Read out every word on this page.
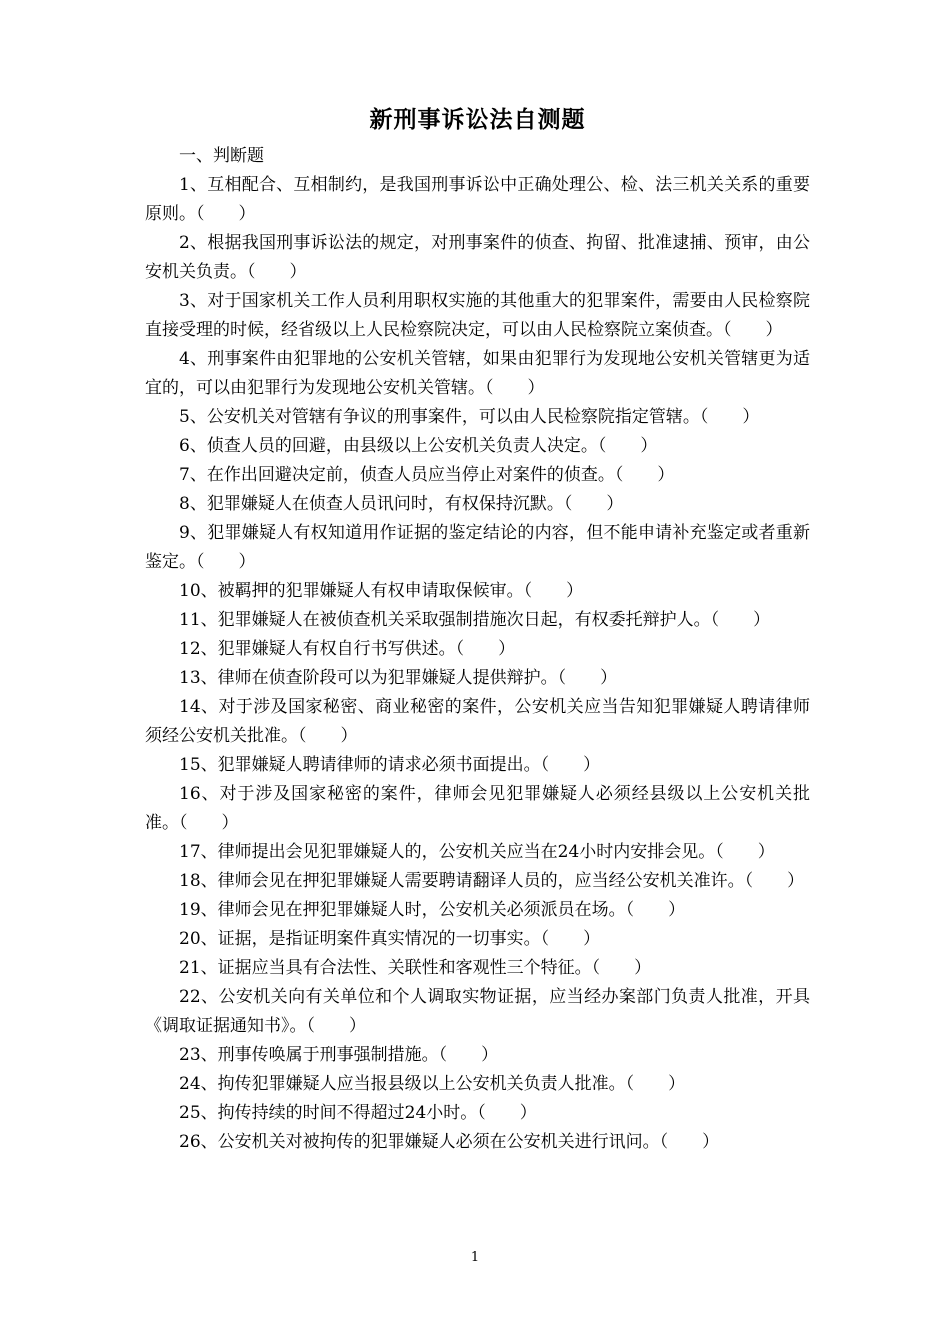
新刑事诉讼法自测题
一、判断题
1、互相配合、互相制约，是我国刑事诉讼中正确处理公、检、法三机关关系的重要原则。（　　）
2、根据我国刑事诉讼法的规定，对刑事案件的侦查、拘留、批准逮捕、预审，由公安机关负责。（　　）
3、对于国家机关工作人员利用职权实施的其他重大的犯罪案件，需要由人民检察院直接受理的时候，经省级以上人民检察院决定，可以由人民检察院立案侦查。（　　）
4、刑事案件由犯罪地的公安机关管辖，如果由犯罪行为发现地公安机关管辖更为适宜的，可以由犯罪行为发现地公安机关管辖。（　　）
5、公安机关对管辖有争议的刑事案件，可以由人民检察院指定管辖。（　　）
6、侦查人员的回避，由县级以上公安机关负责人决定。（　　）
7、在作出回避决定前，侦查人员应当停止对案件的侦查。（　　）
8、犯罪嫌疑人在侦查人员讯问时，有权保持沉默。（　　）
9、犯罪嫌疑人有权知道用作证据的鉴定结论的内容，但不能申请补充鉴定或者重新鉴定。（　　）
10、被羁押的犯罪嫌疑人有权申请取保候审。（　　）
11、犯罪嫌疑人在被侦查机关采取强制措施次日起，有权委托辩护人。（　　）
12、犯罪嫌疑人有权自行书写供述。（　　）
13、律师在侦查阶段可以为犯罪嫌疑人提供辩护。（　　）
14、对于涉及国家秘密、商业秘密的案件，公安机关应当告知犯罪嫌疑人聘请律师须经公安机关批准。（　　）
15、犯罪嫌疑人聘请律师的请求必须书面提出。（　　）
16、对于涉及国家秘密的案件，律师会见犯罪嫌疑人必须经县级以上公安机关批准。（　　）
17、律师提出会见犯罪嫌疑人的，公安机关应当在24小时内安排会见。（　　）
18、律师会见在押犯罪嫌疑人需要聘请翻译人员的，应当经公安机关准许。（　　）
19、律师会见在押犯罪嫌疑人时，公安机关必须派员在场。（　　）
20、证据，是指证明案件真实情况的一切事实。（　　）
21、证据应当具有合法性、关联性和客观性三个特征。（　　）
22、公安机关向有关单位和个人调取实物证据，应当经办案部门负责人批准，开具《调取证据通知书》。（　　）
23、刑事传唤属于刑事强制措施。（　　）
24、拘传犯罪嫌疑人应当报县级以上公安机关负责人批准。（　　）
25、拘传持续的时间不得超过24小时。（　　）
26、公安机关对被拘传的犯罪嫌疑人必须在公安机关进行讯问。（　　）
1
